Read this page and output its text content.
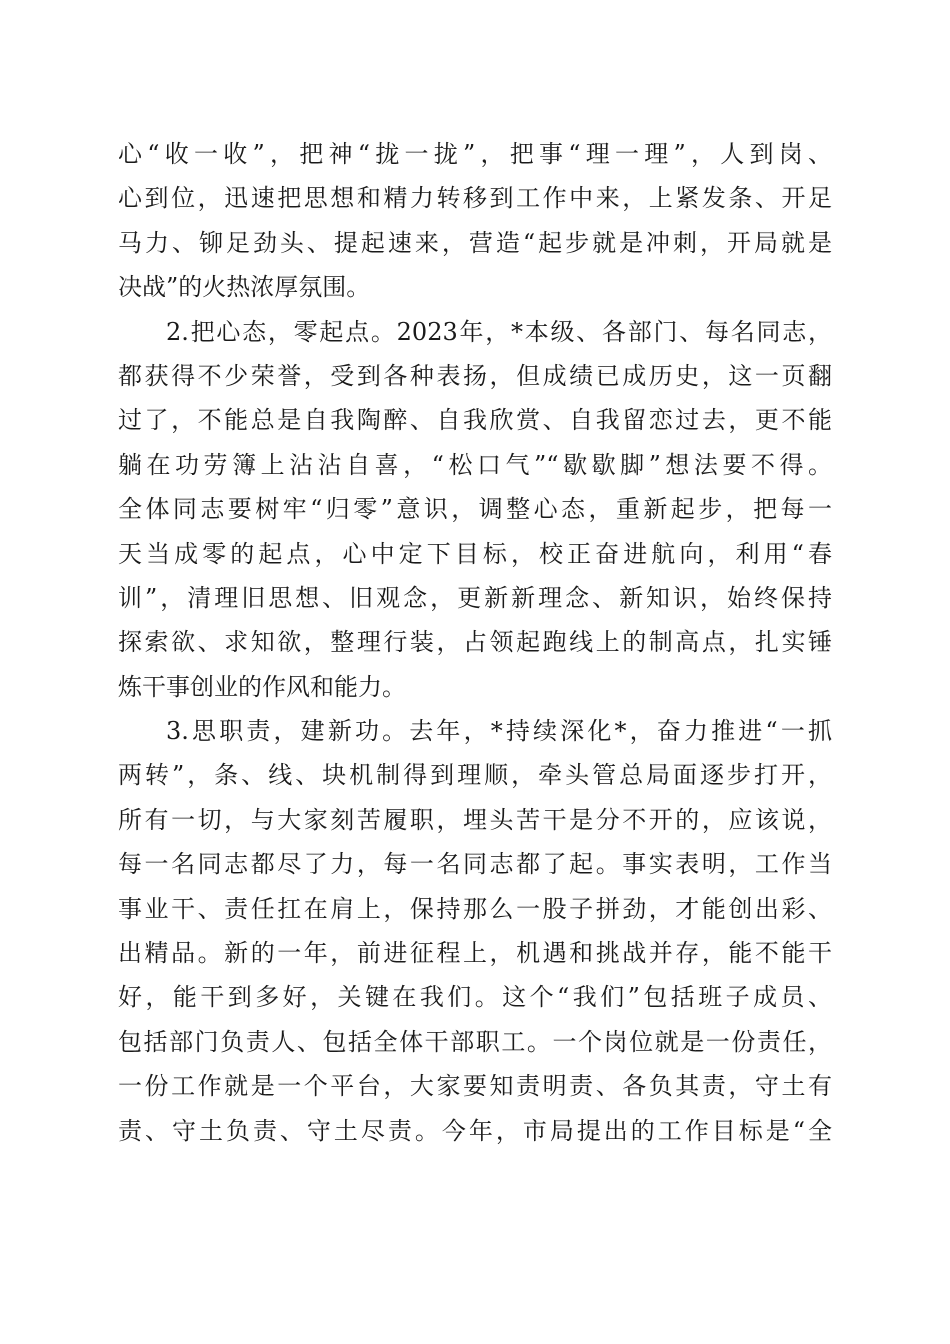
心“收一收”，把神“拢一拢”，把事“理一理”，人到岗、
心到位，迅速把思想和精力转移到工作中来，上紧发条、开足
马力、铆足劲头、提起速来，营造“起步就是冲刺，开局就是
决战”的火热浓厚氛围。
2.把心态，零起点。2023年，*本级、各部门、每名同志，
都获得不少荣誉，受到各种表扬，但成绩已成历史，这一页翻
过了，不能总是自我陶醉、自我欣赏、自我留恋过去，更不能
躺在功劳簿上沾沾自喜，“松口气”“歇歇脚”想法要不得。
全体同志要树牢“归零”意识，调整心态，重新起步，把每一
天当成零的起点，心中定下目标，校正奋进航向，利用“春
训”，清理旧思想、旧观念，更新新理念、新知识，始终保持
探索欲、求知欲，整理行装，占领起跑线上的制高点，扎实锤
炼干事创业的作风和能力。
3.思职责，建新功。去年，*持续深化*，奋力推进“一抓
两转”，条、线、块机制得到理顺，牵头管总局面逐步打开，
所有一切，与大家刻苦履职，埋头苦干是分不开的，应该说，
每一名同志都尽了力，每一名同志都了起。事实表明，工作当
事业干、责任扛在肩上，保持那么一股子拼劲，才能创出彩、
出精品。新的一年，前进征程上，机遇和挑战并存，能不能干
好，能干到多好，关键在我们。这个“我们”包括班子成员、
包括部门负责人、包括全体干部职工。一个岗位就是一份责任，
一份工作就是一个平台，大家要知责明责、各负其责，守土有
责、守土负责、守土尽责。今年，市局提出的工作目标是“全
